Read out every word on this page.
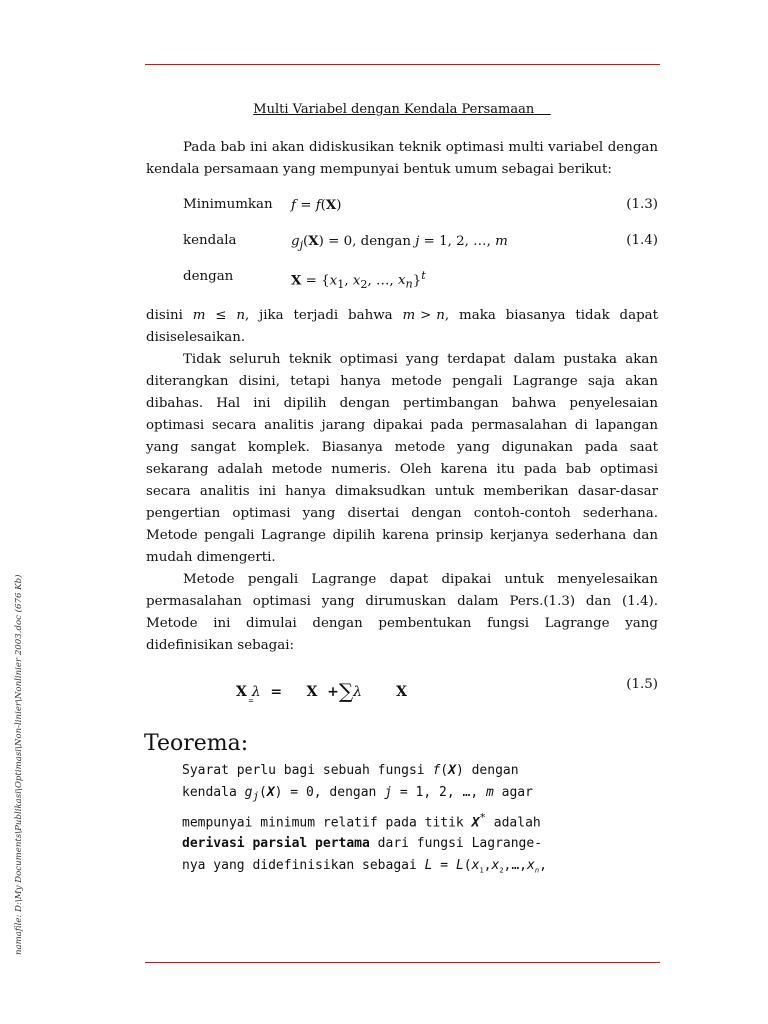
namafile: D:\My Documents\Publikasi\Optimasi\Non-linier\Nonlinier 2003.doc (676 Kb)
Multi Variabel dengan Kendala Persamaan

Pada bab ini akan didiskusikan teknik optimasi multi variabel dengan kendala persamaan yang mempunyai bentuk umum sebagai berikut:

Minimumkan f = f(X)	(1.3)
kendala	$g_j(X) = 0$, dengan j = 1, 2, …, m	(1.4)
dengan	$X = \{x_1$, $x_2$, …, $x_n\}^t$

disini  m  ≤  n,  jika  terjadi  bahwa  m > n,  maka  biasanya  tidak  dapat disiselesaikan.

Tidak seluruh teknik optimasi yang terdapat dalam pustaka akan diterangkan disini, tetapi hanya metode pengali Lagrange saja akan dibahas. Hal ini dipilih dengan pertimbangan bahwa penyelesaian optimasi secara analitis jarang dipakai pada permasalahan di lapangan yang sangat komplek. Biasanya metode yang digunakan pada saat sekarang adalah metode numeris. Oleh karena itu pada bab optimasi secara analitis ini hanya dimaksudkan untuk memberikan dasar-dasar pengertian optimasi yang disertai dengan contoh-contoh sederhana. Metode pengali Lagrange dipilih karena prinsip kerjanya sederhana dan mudah dimengerti.

Metode pengali Lagrange dapat dipakai untuk menyelesaikan permasalahan optimasi yang dirumuskan dalam Pers.(1.3) dan (1.4). Metode ini dimulai dengan pembentukan fungsi Lagrange yang didefinisikan sebagai:

X λ  =     X  +∑λ       X
=
(1.5)
Teorema:
Syarat perlu bagi sebuah fungsi f(X) dengan
kendala $g_j(X) = 0$, dengan j = 1, 2, …, m agar
mempunyai minimum relatif pada titik X* adalah
derivasi parsial pertama dari fungsi Lagrange-
nya yang didefinisikan sebagai $L = L(x_1,x_2,\dots,x_n$,
